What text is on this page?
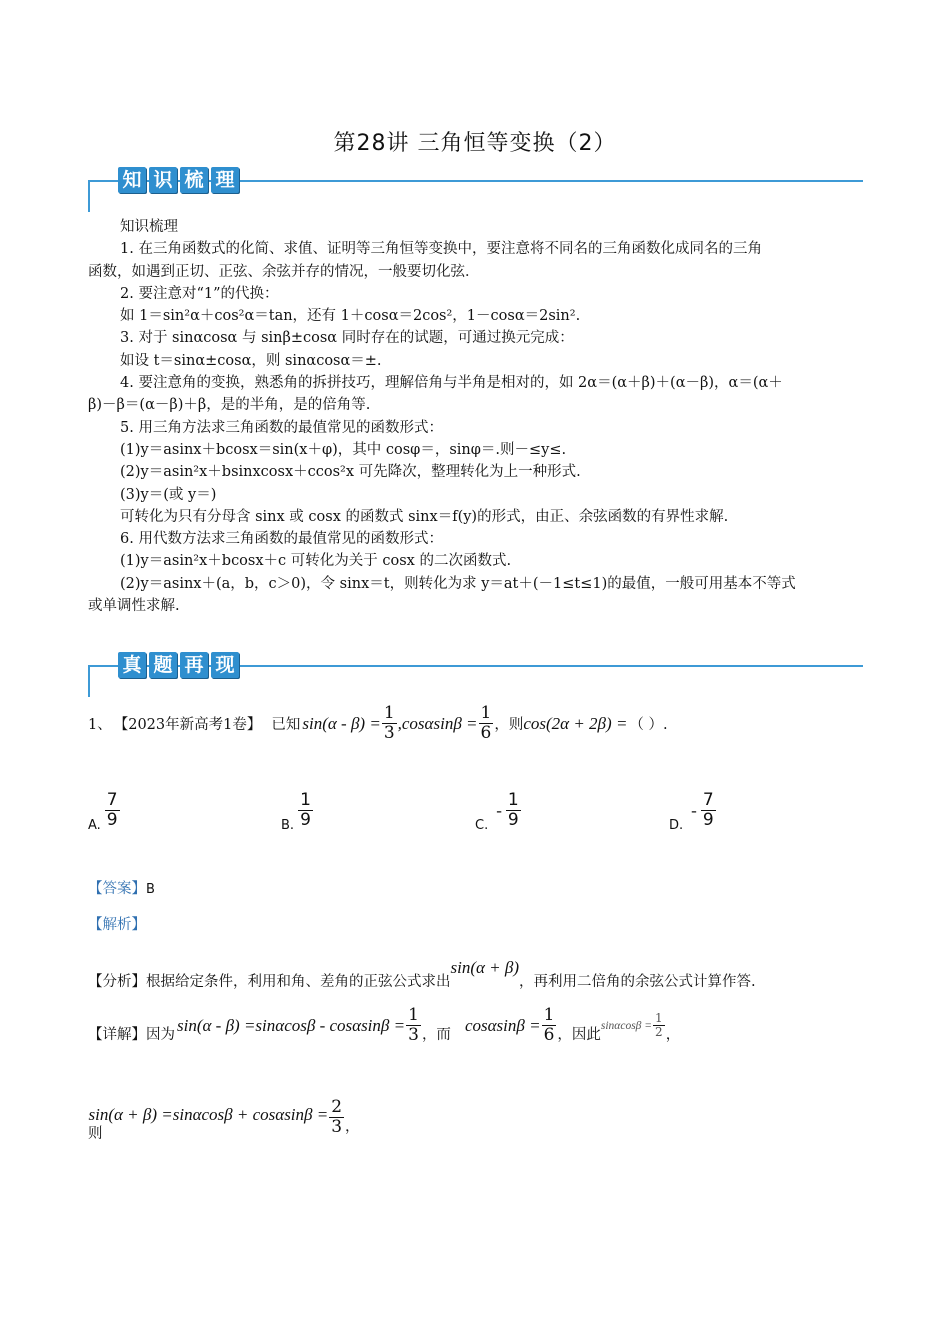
第28讲 三角恒等变换（2）
知 识 梳 理

知识梳理

1. 在三角函数式的化简、求值、证明等三角恒等变换中，要注意将不同名的三角函数化成同名的三角

函数，如遇到正切、正弦、余弦并存的情况，一般要切化弦．

2. 要注意对“1”的代换：

如 1＝sin²α＋cos²α＝tan，还有 1＋cosα＝2cos²，1－cosα＝2sin².

3. 对于 sinαcosα 与 sinβ±cosα 同时存在的试题，可通过换元完成：

如设 t＝sinα±cosα，则 sinαcosα＝±.

4. 要注意角的变换，熟悉角的拆拼技巧，理解倍角与半角是相对的，如 2α＝(α＋β)＋(α－β)，α＝(α＋

β)－β＝(α－β)＋β，是的半角，是的倍角等.

5. 用三角方法求三角函数的最值常见的函数形式：

(1)y＝asinx＋bcosx＝sin(x＋φ)，其中 cosφ＝，sinφ＝.则－≤y≤.

(2)y＝asin²x＋bsinxcosx＋ccos²x 可先降次，整理转化为上一种形式.

(3)y＝(或 y＝)

可转化为只有分母含 sinx 或 cosx 的函数式 sinx＝f(y)的形式，由正、余弦函数的有界性求解.

6. 用代数方法求三角函数的最值常见的函数形式：

(1)y＝asin²x＋bcosx＋c 可转化为关于 cosx 的二次函数式.

(2)y＝asinx＋(a，b，c＞0)，令 sinx＝t，则转化为求 y＝at＋(－1≤t≤1)的最值，一般可用基本不等式

或单调性求解.

真 题 再 现
1、 【2023年新高考1卷】 已知 $\sin(\alpha - \beta) = \frac{1}{3} ,\cos\alpha\sin\beta = \frac{1}{6}$ ，则 cos(2α + 2β) = （ ）.
A. $\frac{7}{9}$	B. $\frac{1}{9}$	C.
- $\frac{1}{9}$	D.
- $\frac{7}{9}$
【答案】B
【解析】
【分析】 根据给定条件，利用和角、差角的正弦公式求出
sin(α + β)
，再利用二倍角的余弦公式计算作答.
【详解】 因为
$\sin(\alpha - \beta) =\sin\alpha\cos\beta - \cos\alpha\sin\beta = \frac{1}{3}$ ，而
$\cos\alpha\sin\beta = \frac{1}{6}$ ，因此
$\sin\alpha\cos\beta = \frac{1}{2}$ ，
则
$\sin(\alpha + \beta) =\sin\alpha\cos\beta + \cos\alpha\sin\beta = \frac{2}{3}$ ，
